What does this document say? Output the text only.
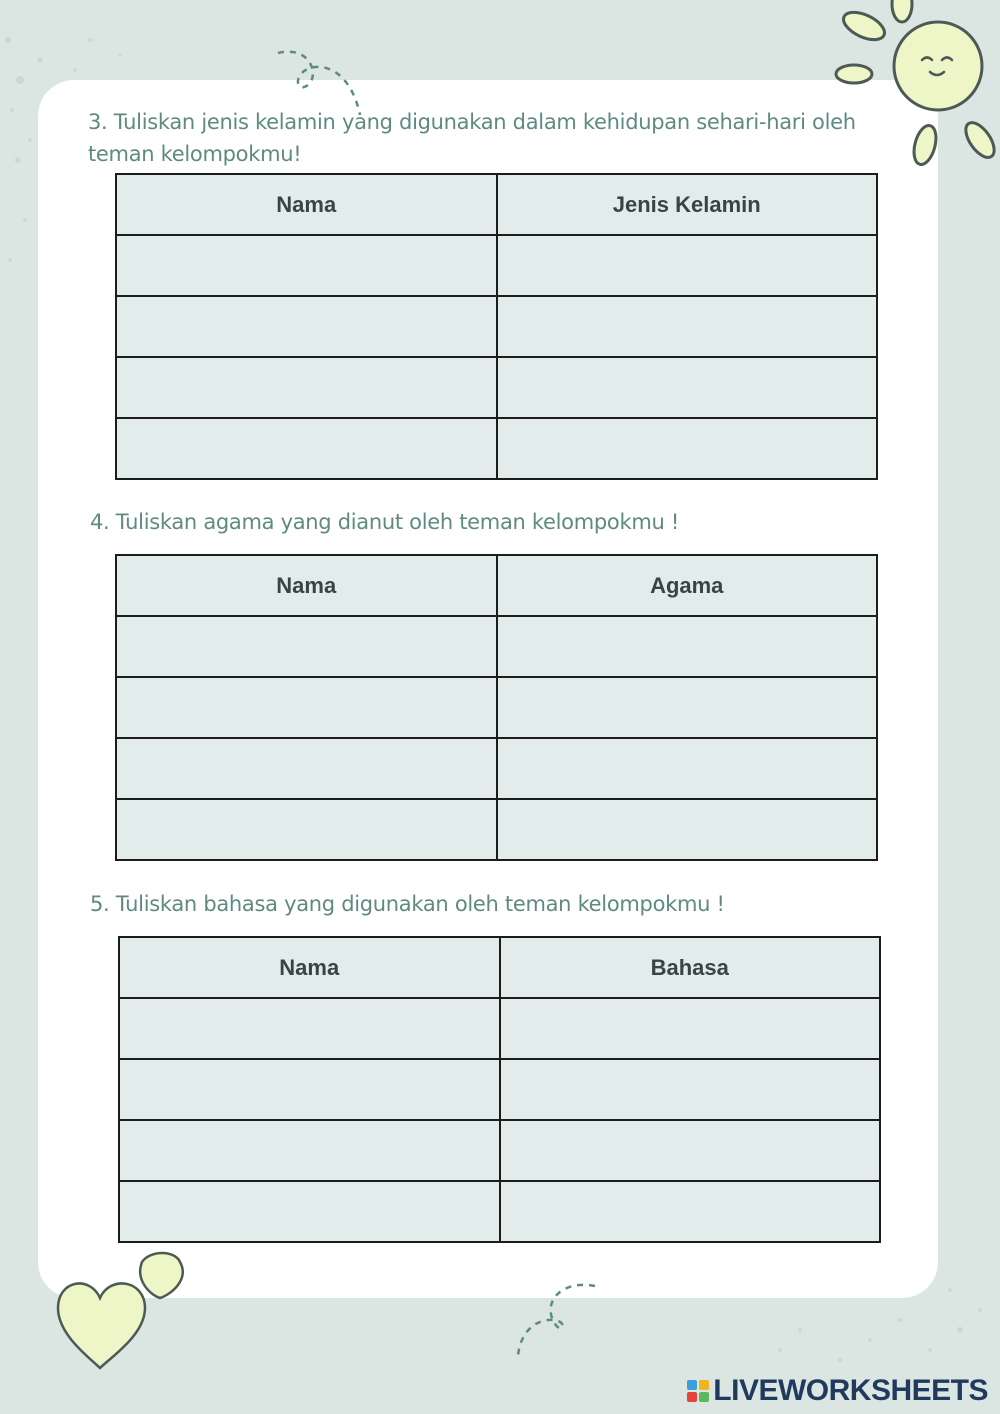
3. Tuliskan jenis kelamin yang digunakan dalam kehidupan sehari-hari oleh teman kelompokmu!

Nama	Jenis Kelamin

4. Tuliskan agama yang dianut oleh teman kelompokmu !

Nama	Agama

5. Tuliskan bahasa yang digunakan oleh teman kelompokmu !

Nama	Bahasa

LIVEWORKSHEETS
